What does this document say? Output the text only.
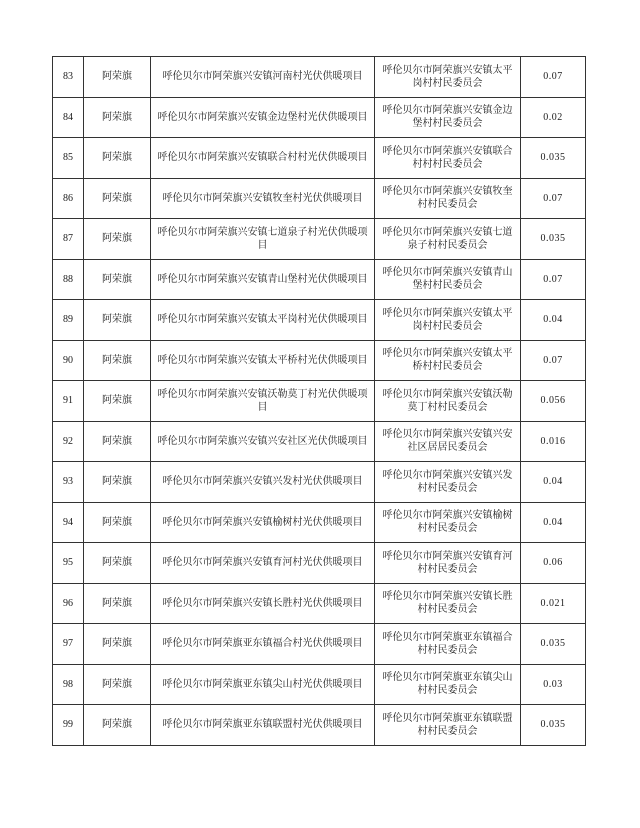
83	阿荣旗	呼伦贝尔市阿荣旗兴安镇河南村光伏供暖项目	呼伦贝尔市阿荣旗兴安镇太平岗村村民委员会	0.07
84	阿荣旗	呼伦贝尔市阿荣旗兴安镇金边堡村光伏供暖项目	呼伦贝尔市阿荣旗兴安镇金边堡村村民委员会	0.02
85	阿荣旗	呼伦贝尔市阿荣旗兴安镇联合村村光伏供暖项目	呼伦贝尔市阿荣旗兴安镇联合村村村民委员会	0.035
86	阿荣旗	呼伦贝尔市阿荣旗兴安镇牧奎村光伏供暖项目	呼伦贝尔市阿荣旗兴安镇牧奎村村民委员会	0.07
87	阿荣旗	呼伦贝尔市阿荣旗兴安镇七道泉子村光伏供暖项目	呼伦贝尔市阿荣旗兴安镇七道泉子村村民委员会	0.035
88	阿荣旗	呼伦贝尔市阿荣旗兴安镇青山堡村光伏供暖项目	呼伦贝尔市阿荣旗兴安镇青山堡村村民委员会	0.07
89	阿荣旗	呼伦贝尔市阿荣旗兴安镇太平岗村光伏供暖项目	呼伦贝尔市阿荣旗兴安镇太平岗村村民委员会	0.04
90	阿荣旗	呼伦贝尔市阿荣旗兴安镇太平桥村光伏供暖项目	呼伦贝尔市阿荣旗兴安镇太平桥村村民委员会	0.07
91	阿荣旗	呼伦贝尔市阿荣旗兴安镇沃勒莫丁村光伏供暖项目	呼伦贝尔市阿荣旗兴安镇沃勒莫丁村村民委员会	0.056
92	阿荣旗	呼伦贝尔市阿荣旗兴安镇兴安社区光伏供暖项目	呼伦贝尔市阿荣旗兴安镇兴安社区居居民委员会	0.016
93	阿荣旗	呼伦贝尔市阿荣旗兴安镇兴发村光伏供暖项目	呼伦贝尔市阿荣旗兴安镇兴发村村民委员会	0.04
94	阿荣旗	呼伦贝尔市阿荣旗兴安镇榆树村光伏供暖项目	呼伦贝尔市阿荣旗兴安镇榆树村村民委员会	0.04
95	阿荣旗	呼伦贝尔市阿荣旗兴安镇育河村光伏供暖项目	呼伦贝尔市阿荣旗兴安镇育河村村民委员会	0.06
96	阿荣旗	呼伦贝尔市阿荣旗兴安镇长胜村光伏供暖项目	呼伦贝尔市阿荣旗兴安镇长胜村村民委员会	0.021
97	阿荣旗	呼伦贝尔市阿荣旗亚东镇福合村光伏供暖项目	呼伦贝尔市阿荣旗亚东镇福合村村民委员会	0.035
98	阿荣旗	呼伦贝尔市阿荣旗亚东镇尖山村光伏供暖项目	呼伦贝尔市阿荣旗亚东镇尖山村村民委员会	0.03
99	阿荣旗	呼伦贝尔市阿荣旗亚东镇联盟村光伏供暖项目	呼伦贝尔市阿荣旗亚东镇联盟村村民委员会	0.035
